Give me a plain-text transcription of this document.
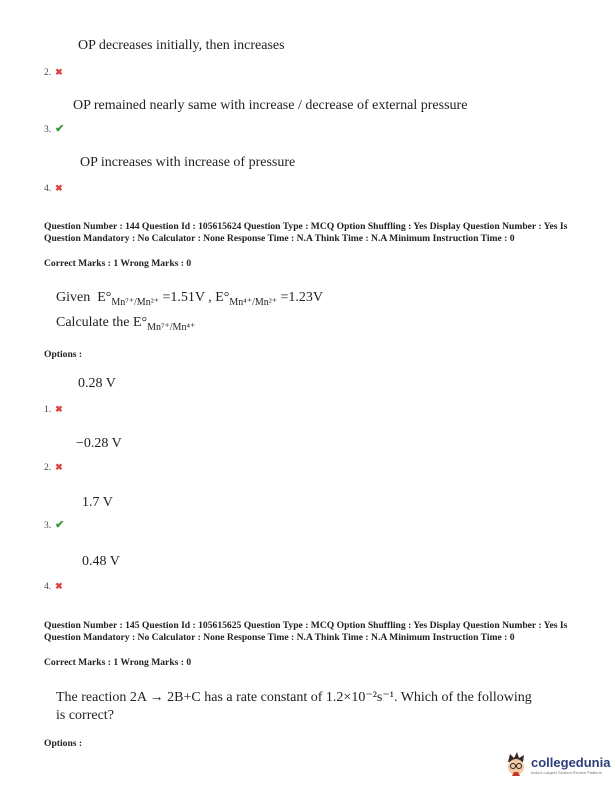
OP decreases initially, then increases
2. ✖
OP remained nearly same with increase / decrease of external pressure
3. ✔
OP increases with increase of pressure
4. ✖
Question Number : 144 Question Id : 105615624 Question Type : MCQ Option Shuffling : Yes Display Question Number : Yes Is Question Mandatory : No Calculator : None Response Time : N.A Think Time : N.A Minimum Instruction Time : 0
Correct Marks : 1 Wrong Marks : 0
Given $E^\circ_{Mn^{7+}/Mn^{2+}} =1.51V$ , $E^\circ_{Mn^{4+}/Mn^{2+}} =1.23V$
Calculate the $E^\circ_{Mn^{7+}/Mn^{4+}}$
Options :
0.28 V
1. ✖
−0.28 V
2. ✖
1.7 V
3. ✔
0.48 V
4. ✖
Question Number : 145 Question Id : 105615625 Question Type : MCQ Option Shuffling : Yes Display Question Number : Yes Is Question Mandatory : No Calculator : None Response Time : N.A Think Time : N.A Minimum Instruction Time : 0
Correct Marks : 1 Wrong Marks : 0
The reaction 2A → 2B+C has a rate constant of 1.2×10⁻²s⁻¹. Which of the following
is correct?
Options :
collegedunia
India's Largest Student Review Platform
